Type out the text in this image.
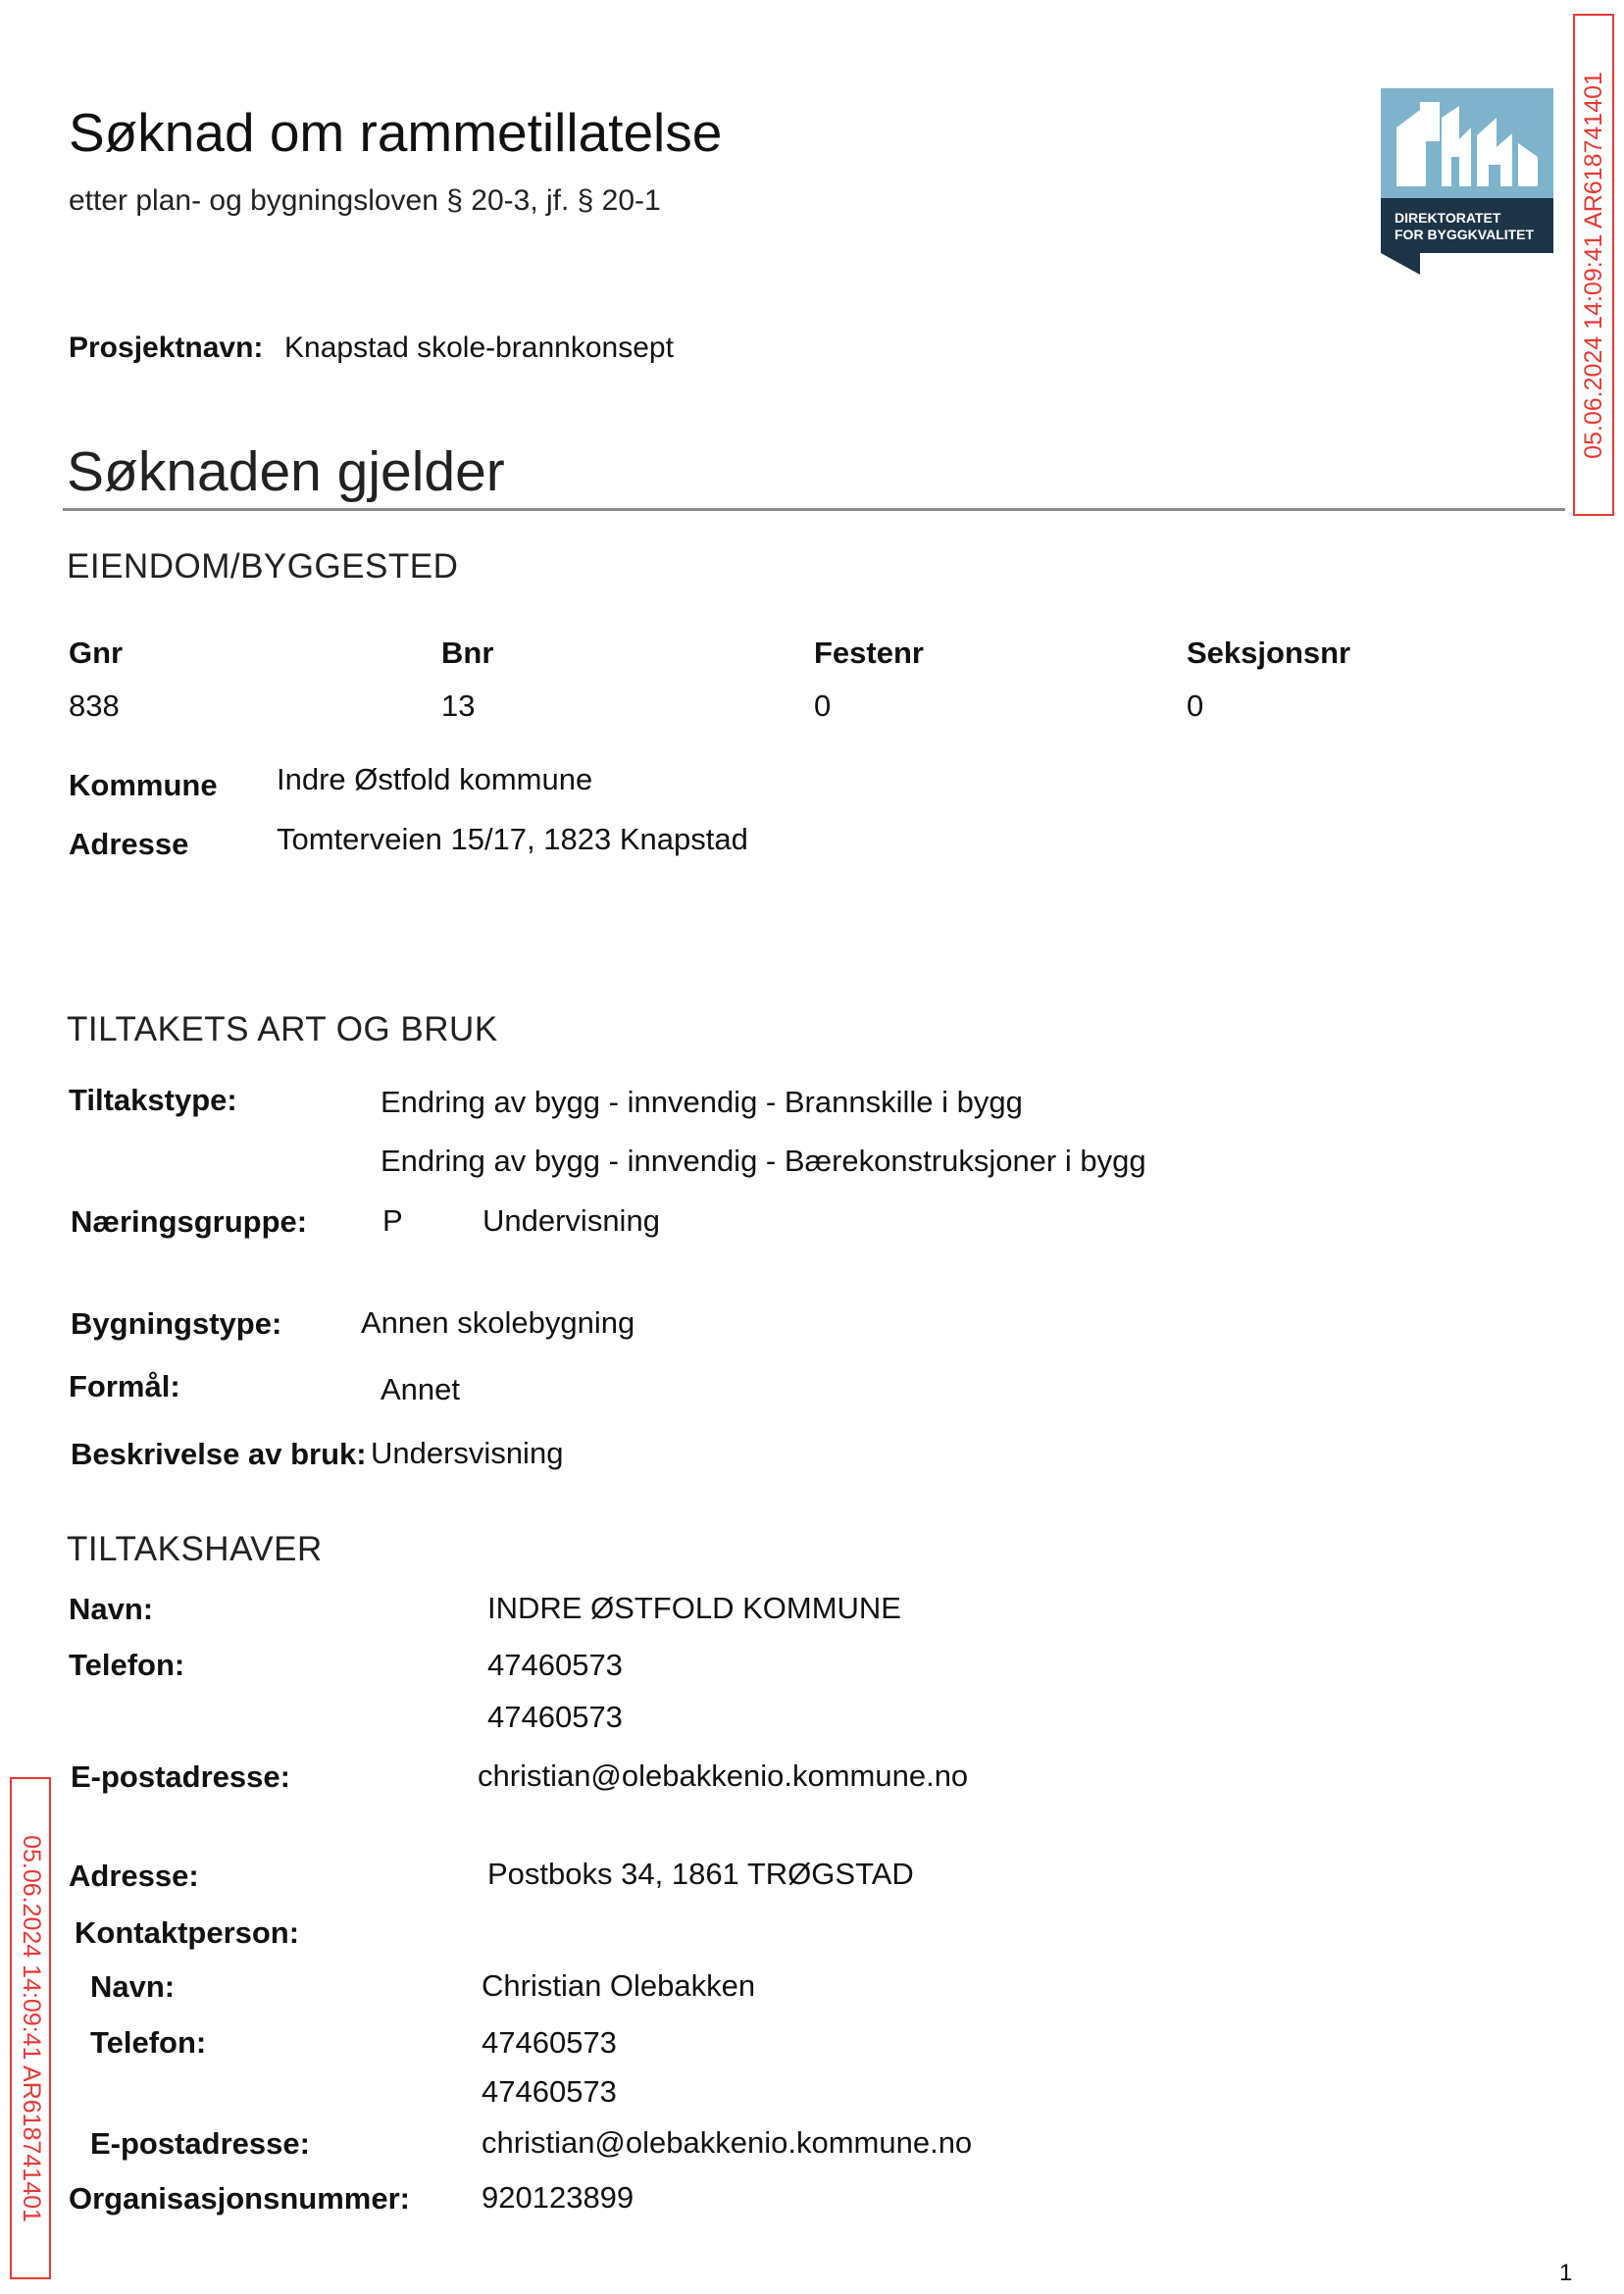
Søknad om rammetillatelse
etter plan- og bygningsloven § 20-3, jf. § 20-1
DIREKTORATET
FOR BYGGKVALITET
Prosjektnavn: Knapstad skole-brannkonsept
Søknaden gjelder
EIENDOM/BYGGESTED
Gnr	Bnr	Festenr	Seksjonsnr
838	13	0	0
Kommune Indre Østfold kommune
Adresse	Tomterveien 15/17, 1823 Knapstad
TILTAKETS ART OG BRUK
Tiltakstype:	Endring av bygg - innvendig - Brannskille i bygg
Endring av bygg - innvendig - Bærekonstruksjoner i bygg
Næringsgruppe: P	Undervisning
Bygningstype:	Annen skolebygning
Formål:	Annet
Beskrivelse av bruk: Undersvisning
TILTAKSHAVER
Navn:	INDRE ØSTFOLD KOMMUNE
Telefon:	47460573
47460573
E-postadresse:	christian@olebakkenio.kommune.no
Adresse:	Postboks 34, 1861 TRØGSTAD
Kontaktperson:
Navn:	Christian Olebakken
Telefon:	47460573
47460573
E-postadresse:	christian@olebakkenio.kommune.no
Organisasjonsnummer: 920123899
05.06.2024 14:09:41 AR618741401
05.06.2024 14:09:41 AR618741401
1
